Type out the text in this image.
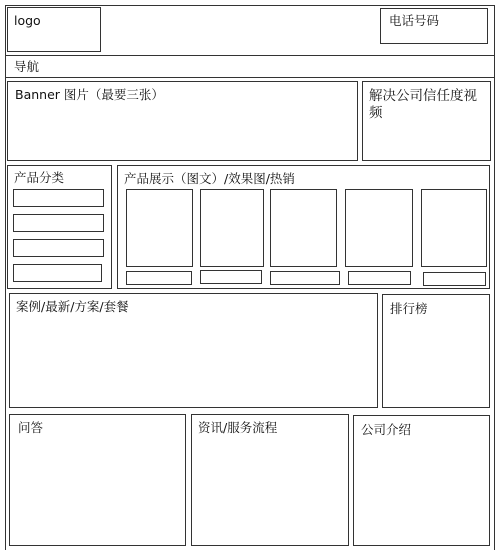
logo	电话号码
导航
Banner 图片（最要三张）	解决公司信任度视频
产品分类	产品展示（图文）/效果图/热销
案例/最新/方案/套餐	排行榜
问答	资讯/服务流程	公司介绍
